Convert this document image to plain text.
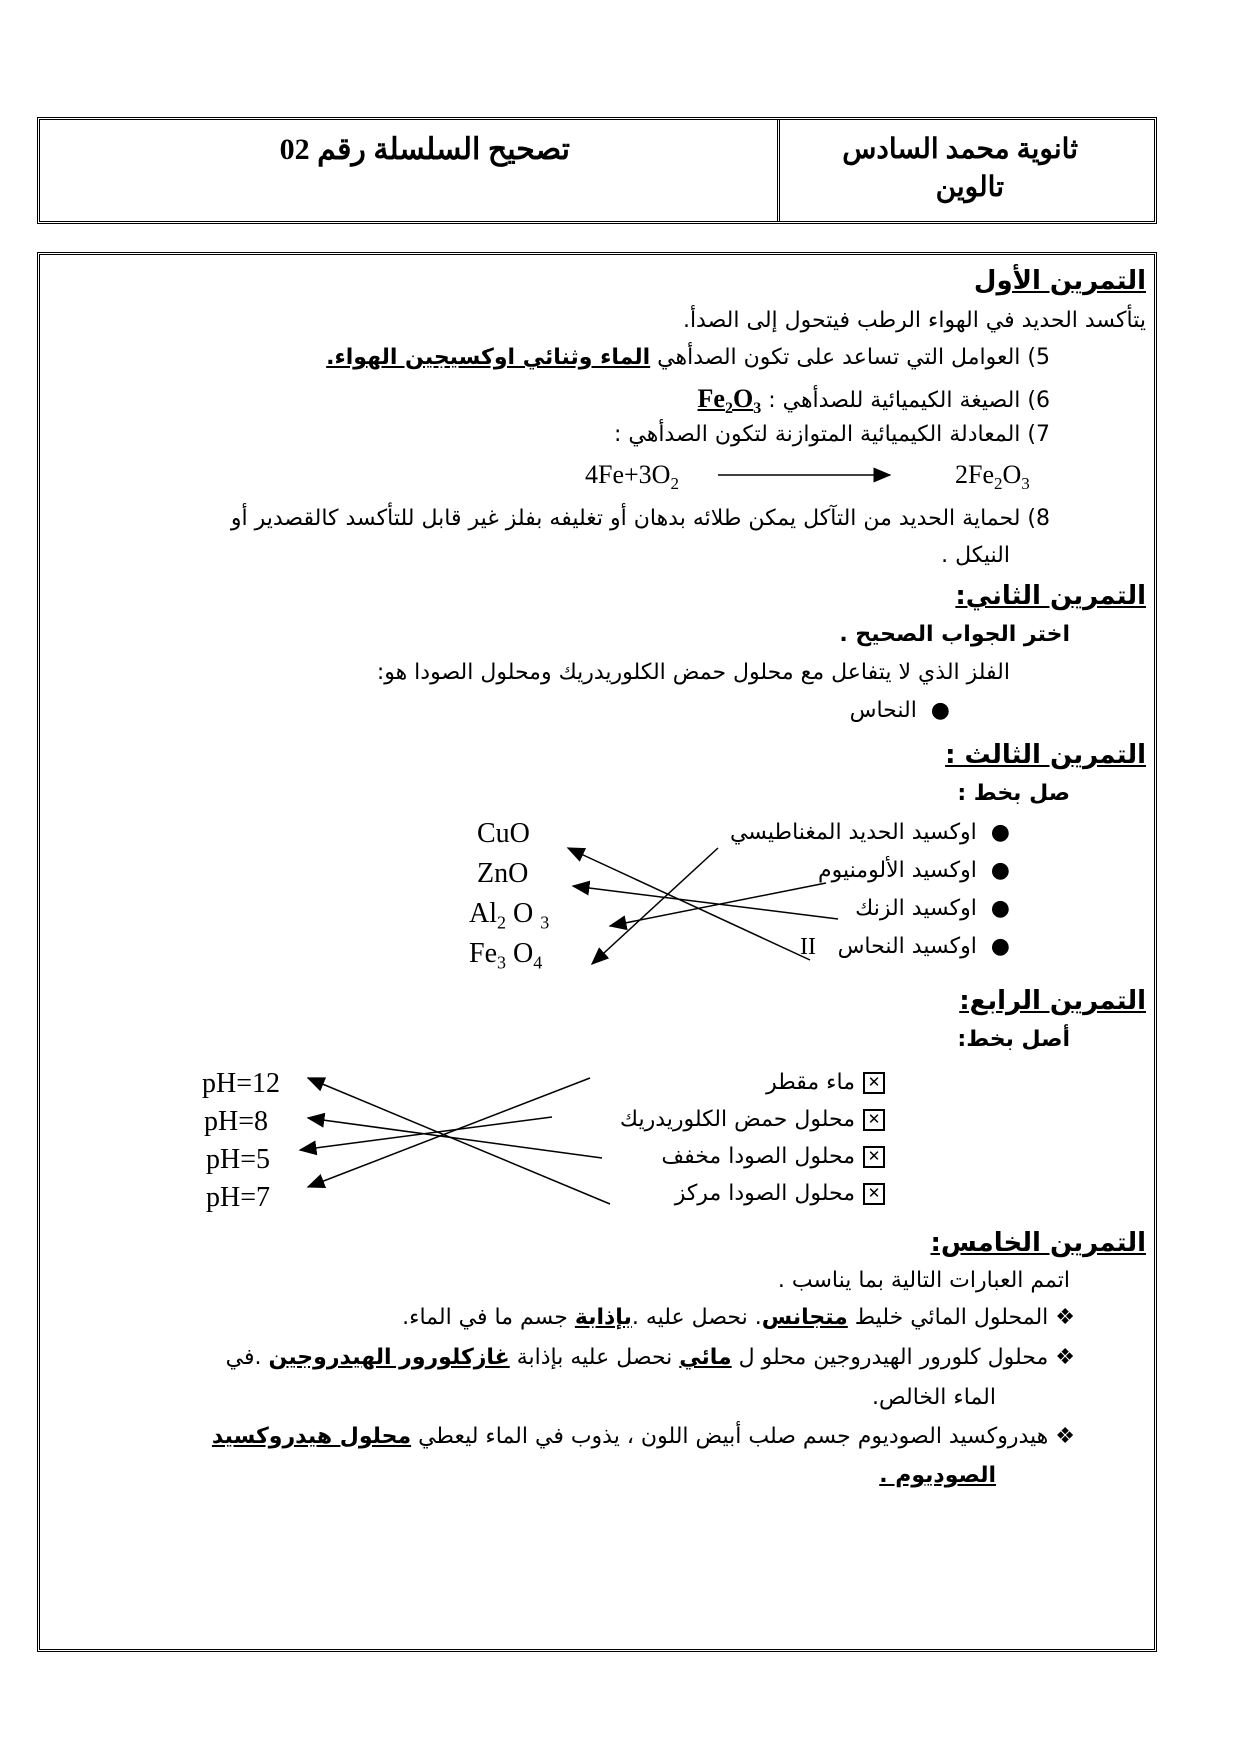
ثانوية محمد السادس
تالوين
تصحيح السلسلة رقم 02
التمرين الأول
يتأكسد الحديد في الهواء الرطب فيتحول إلى الصدأ.
5) العوامل التي تساعد على تكون الصدأهي الماء وثنائي اوكسيجين الهواء.
6) الصيغة الكيميائية للصدأهي : $Fe_2O_3$
7) المعادلة الكيميائية المتوازنة لتكون الصدأهي :
$4Fe+3O_2$	$2Fe_2O_3$
8) لحماية الحديد من التآكل يمكن طلائه بدهان أو تغليفه بفلز غير قابل للتأكسد كالقصدير أو
النيكل .
التمرين الثاني:
اختر الجواب الصحيح .
الفلز الذي لا يتفاعل مع محلول حمض الكلوريدريك ومحلول الصودا هو:
●  النحاس
التمرين الثالث :
صل بخط :
●  اوكسيد الحديد المغناطيسي
●  اوكسيد الألومنيوم
●  اوكسيد الزنك
●  اوكسيد النحاس
II
CuO
ZnO
$Al_2$ O $_3$
$Fe_3$ $O_4$
التمرين الرابع:
أصل بخط:
✕ماء مقطر
✕محلول حمض الكلوريدريك
✕محلول الصودا مخفف
✕محلول الصودا مركز
pH=12
pH=8
pH=5
pH=7
التمرين الخامس:
اتمم العبارات التالية بما يناسب .
❖ المحلول المائي خليط متجانس. نحصل عليه .بإذابة جسم ما في الماء.
❖ محلول كلورور الهيدروجين محلو ل مائي نحصل عليه بإذابة غازكلورور الهيدروجين .في
الماء الخالص.
❖ هيدروكسيد الصوديوم جسم صلب أبيض اللون ، يذوب في الماء ليعطي محلول هيدروكسيد
الصوديوم .
